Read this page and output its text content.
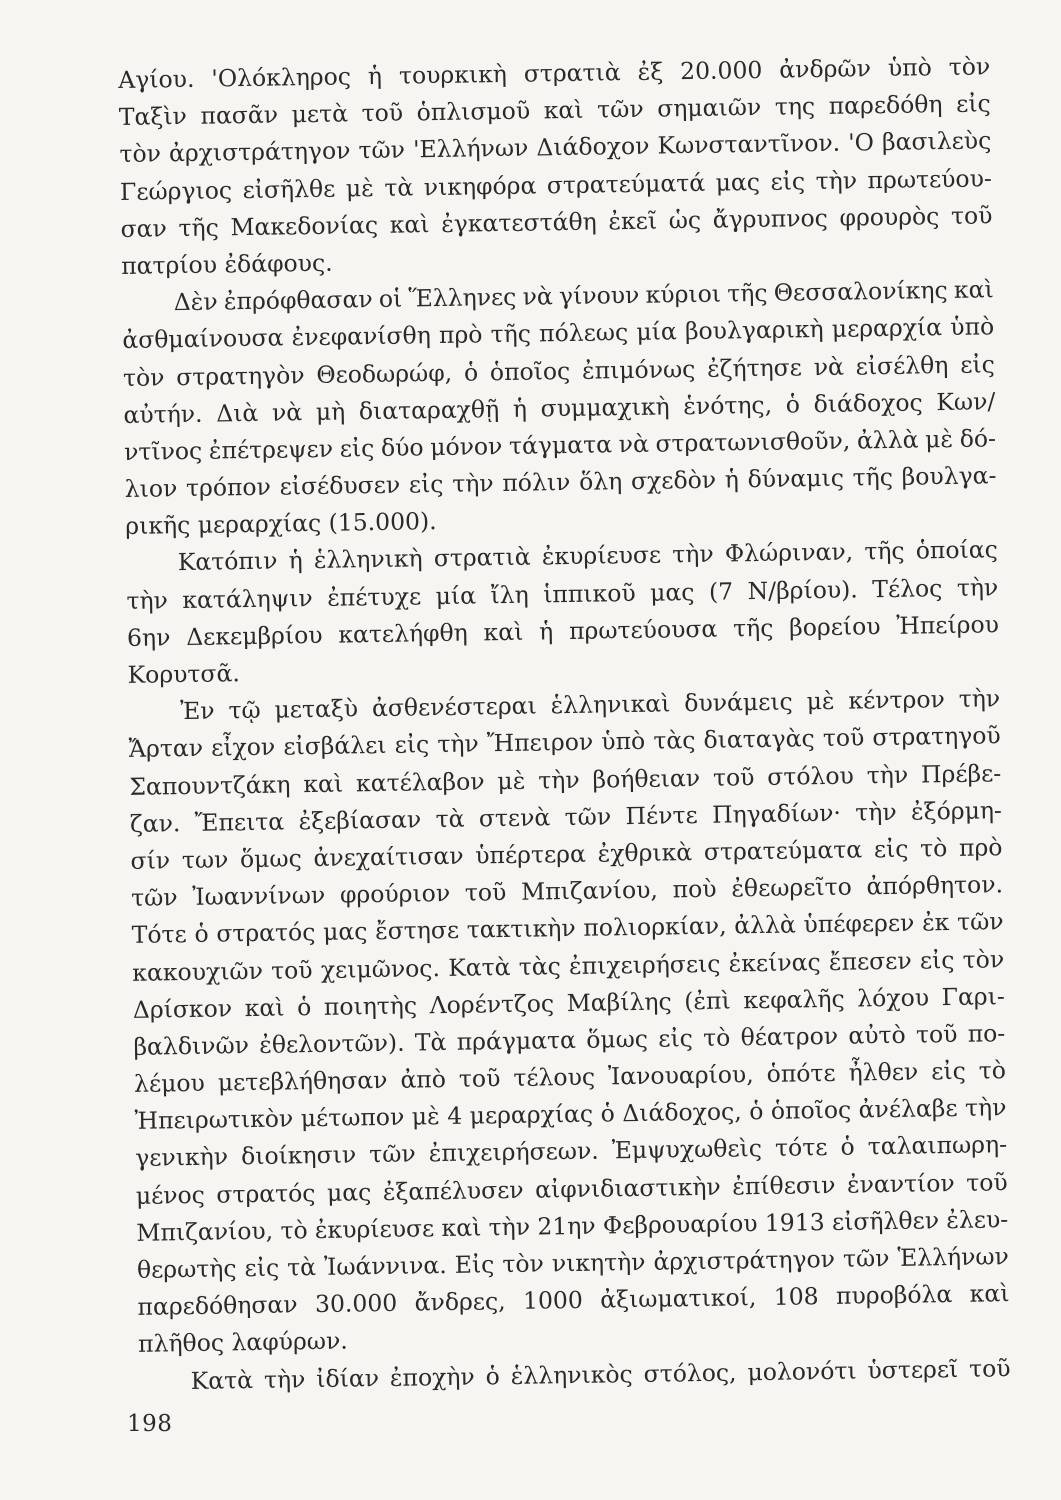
Αγίου. 'Ολόκληρος ἡ τουρκικὴ στρατιὰ ἐξ 20.000 ἀνδρῶν ὑπὸ τὸν
Ταξὶν πασᾶν μετὰ τοῦ ὁπλισμοῦ καὶ τῶν σημαιῶν της παρεδόθη εἰς
τὸν ἀρχιστράτηγον τῶν 'Ελλήνων Διάδοχον Κωνσταντῖνον. 'Ο βασιλεὺς
Γεώργιος εἰσῆλθε μὲ τὰ νικηφόρα στρατεύματά μας εἰς τὴν πρωτεύου-
σαν τῆς Μακεδονίας καὶ ἐγκατεστάθη ἐκεῖ ὡς ἄγρυπνος φρουρὸς τοῦ
πατρίου ἐδάφους.
Δὲν ἐπρόφθασαν οἱ Ἕλληνες νὰ γίνουν κύριοι τῆς Θεσσαλονίκης καὶ
ἀσθμαίνουσα ἐνεφανίσθη πρὸ τῆς πόλεως μία βουλγαρικὴ μεραρχία ὑπὸ
τὸν στρατηγὸν Θεοδωρώφ, ὁ ὁποῖος ἐπιμόνως ἐζήτησε νὰ εἰσέλθη εἰς
αὐτήν. Διὰ νὰ μὴ διαταραχθῇ ἡ συμμαχικὴ ἑνότης, ὁ διάδοχος Κων/
ντῖνος ἐπέτρεψεν εἰς δύο μόνον τάγματα νὰ στρατωνισθοῦν, ἀλλὰ μὲ δό-
λιον τρόπον εἰσέδυσεν εἰς τὴν πόλιν ὅλη σχεδὸν ἡ δύναμις τῆς βουλγα-
ρικῆς μεραρχίας (15.000).
Κατόπιν ἡ ἑλληνικὴ στρατιὰ ἐκυρίευσε τὴν Φλώριναν, τῆς ὁποίας
τὴν κατάληψιν ἐπέτυχε μία ἴλη ἱππικοῦ μας (7 Ν/βρίου). Τέλος τὴν
6ην Δεκεμβρίου κατελήφθη καὶ ἡ πρωτεύουσα τῆς βορείου Ἠπείρου
Κορυτσᾶ.
Ἐν τῷ μεταξὺ ἀσθενέστεραι ἑλληνικαὶ δυνάμεις μὲ κέντρον τὴν
Ἄρταν εἶχον εἰσβάλει εἰς τὴν Ἤπειρον ὑπὸ τὰς διαταγὰς τοῦ στρατηγοῦ
Σαπουντζάκη καὶ κατέλαβον μὲ τὴν βοήθειαν τοῦ στόλου τὴν Πρέβε-
ζαν. Ἔπειτα ἐξεβίασαν τὰ στενὰ τῶν Πέντε Πηγαδίων· τὴν ἐξόρμη-
σίν των ὅμως ἀνεχαίτισαν ὑπέρτερα ἐχθρικὰ στρατεύματα εἰς τὸ πρὸ
τῶν Ἰωαννίνων φρούριον τοῦ Μπιζανίου, ποὺ ἐθεωρεῖτο ἀπόρθητον.
Τότε ὁ στρατός μας ἔστησε τακτικὴν πολιορκίαν, ἀλλὰ ὑπέφερεν ἐκ τῶν
κακουχιῶν τοῦ χειμῶνος. Κατὰ τὰς ἐπιχειρήσεις ἐκείνας ἔπεσεν εἰς τὸν
Δρίσκον καὶ ὁ ποιητὴς Λορέντζος Μαβίλης (ἐπὶ κεφαλῆς λόχου Γαρι-
βαλδινῶν ἐθελοντῶν). Τὰ πράγματα ὅμως εἰς τὸ θέατρον αὐτὸ τοῦ πο-
λέμου μετεβλήθησαν ἀπὸ τοῦ τέλους Ἰανουαρίου, ὁπότε ἦλθεν εἰς τὸ
Ἠπειρωτικὸν μέτωπον μὲ 4 μεραρχίας ὁ Διάδοχος, ὁ ὁποῖος ἀνέλαβε τὴν
γενικὴν διοίκησιν τῶν ἐπιχειρήσεων. Ἐμψυχωθεὶς τότε ὁ ταλαιπωρη-
μένος στρατός μας ἐξαπέλυσεν αἰφνιδιαστικὴν ἐπίθεσιν ἐναντίον τοῦ
Μπιζανίου, τὸ ἐκυρίευσε καὶ τὴν 21ην Φεβρουαρίου 1913 εἰσῆλθεν ἐλευ-
θερωτὴς εἰς τὰ Ἰωάννινα. Εἰς τὸν νικητὴν ἀρχιστράτηγον τῶν Ἑλλήνων
παρεδόθησαν 30.000 ἄνδρες, 1000 ἀξιωματικοί, 108 πυροβόλα καὶ
πλῆθος λαφύρων.
Κατὰ τὴν ἰδίαν ἐποχὴν ὁ ἑλληνικὸς στόλος, μολονότι ὑστερεῖ τοῦ
198
